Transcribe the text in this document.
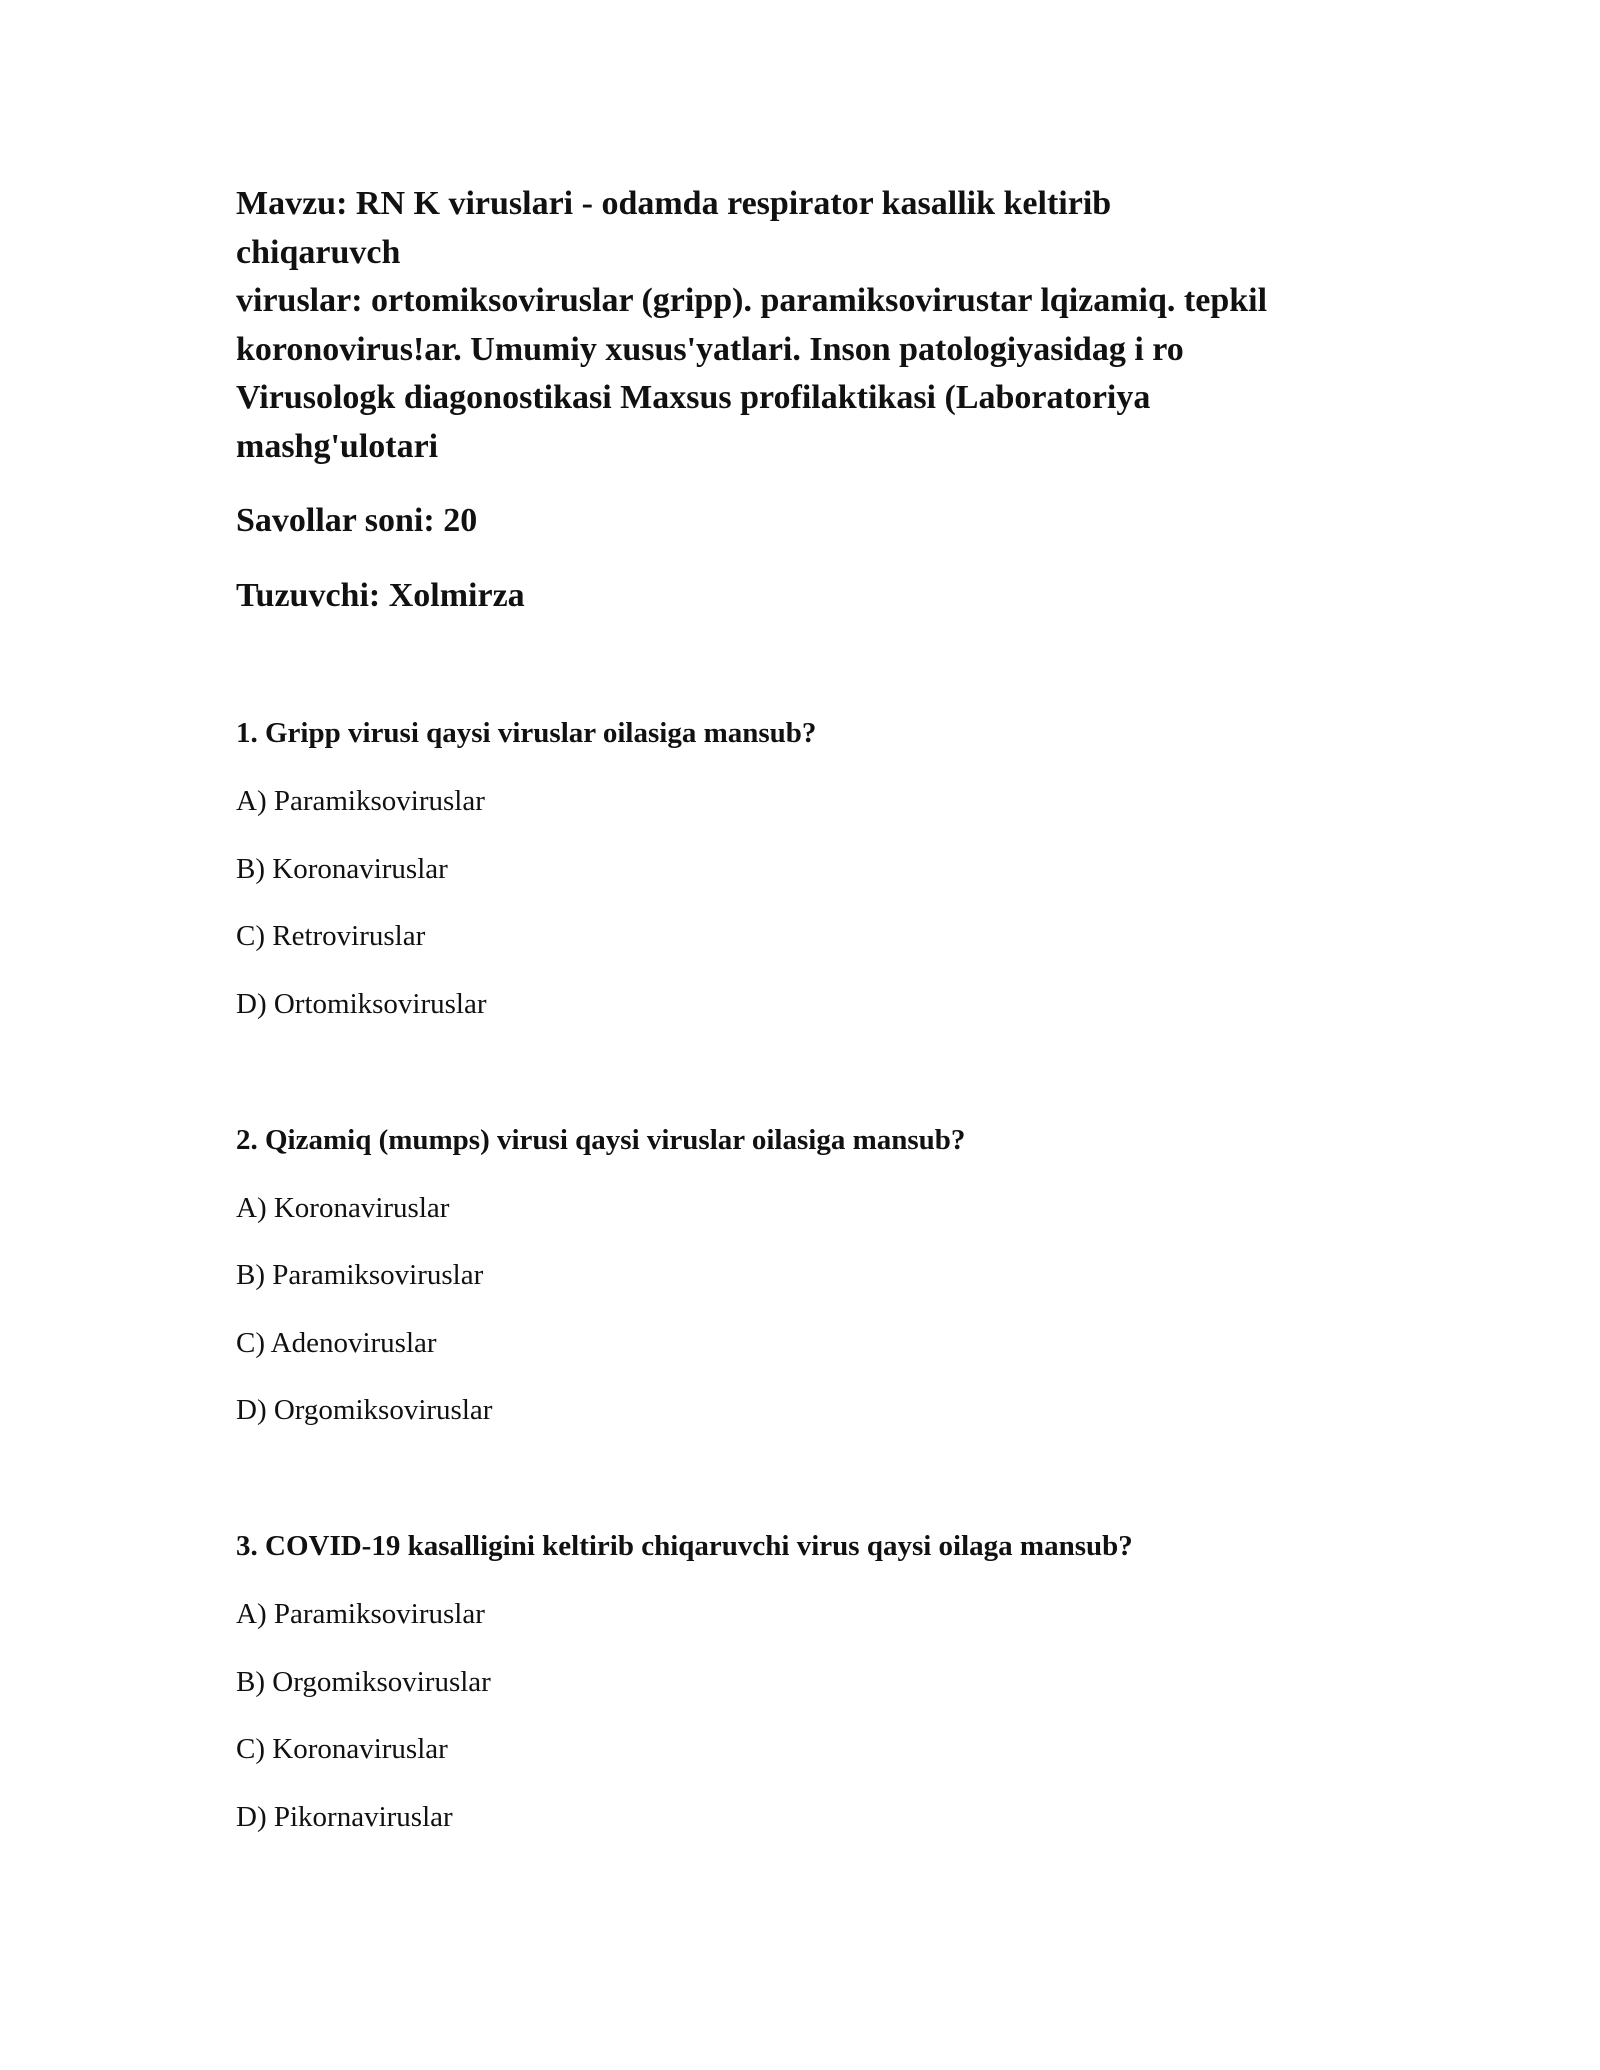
Mavzu: RN K viruslari - odamda respirator kasallik keltirib
chiqaruvch
viruslar: ortomiksoviruslar (gripp). paramiksovirustar lqizamiq. tepkil
koronovirus!ar. Umumiy xusus'yatlari. Inson patologiyasidag i ro
Virusologk diagonostikasi Maxsus profilaktikasi (Laboratoriya
mashg'ulotari
Savollar soni: 20
Tuzuvchi: Xolmirza
1. Gripp virusi qaysi viruslar oilasiga mansub?
A) Paramiksoviruslar
B) Koronaviruslar
C) Retroviruslar
D) Ortomiksoviruslar
2. Qizamiq (mumps) virusi qaysi viruslar oilasiga mansub?
A) Koronaviruslar
B) Paramiksoviruslar
C) Adenoviruslar
D) Orgomiksoviruslar
3. COVID-19 kasalligini keltirib chiqaruvchi virus qaysi oilaga mansub?
A) Paramiksoviruslar
B) Orgomiksoviruslar
C) Koronaviruslar
D) Pikornaviruslar
